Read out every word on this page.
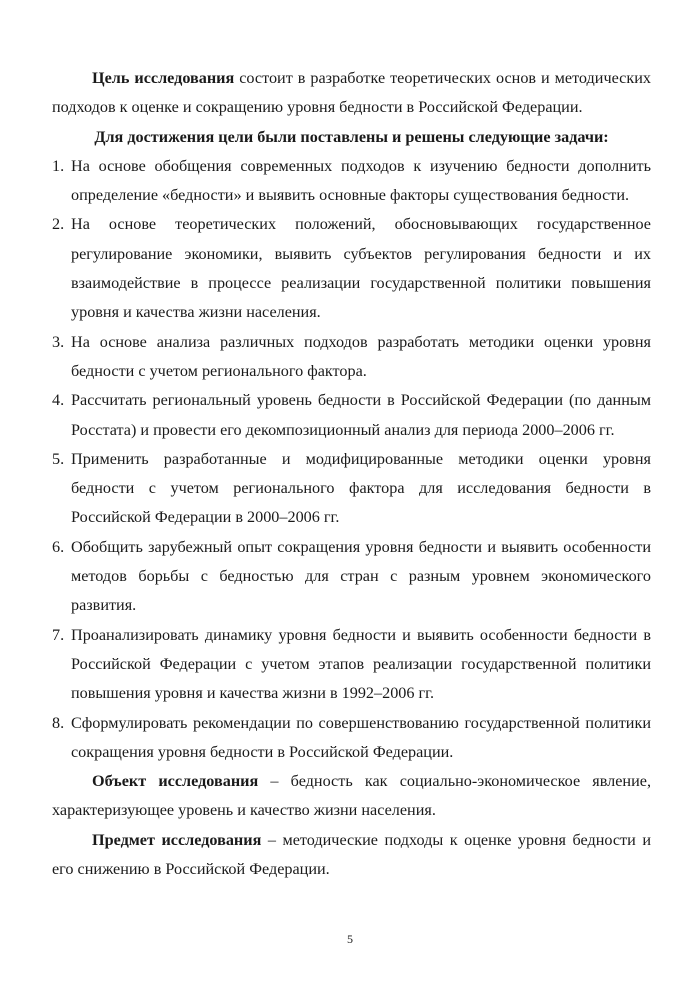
Цель исследования состоит в разработке теоретических основ и методических подходов к оценке и сокращению уровня бедности в Российской Федерации.

Для достижения цели были поставлены и решены следующие задачи:

1. На основе обобщения современных подходов к изучению бедности дополнить определение «бедности» и выявить основные факторы существования бедности.
2. На основе теоретических положений, обосновывающих государственное регулирование экономики, выявить субъектов регулирования бедности и их взаимодействие в процессе реализации государственной политики повышения уровня и качества жизни населения.
3. На основе анализа различных подходов разработать методики оценки уровня бедности с учетом регионального фактора.
4. Рассчитать региональный уровень бедности в Российской Федерации (по данным Росстата) и провести его декомпозиционный анализ для периода 2000–2006 гг.
5. Применить разработанные и модифицированные методики оценки уровня бедности с учетом регионального фактора для исследования бедности в Российской Федерации в 2000–2006 гг.
6. Обобщить зарубежный опыт сокращения уровня бедности и выявить особенности методов борьбы с бедностью для стран с разным уровнем экономического развития.
7. Проанализировать динамику уровня бедности и выявить особенности бедности в Российской Федерации с учетом этапов реализации государственной политики повышения уровня и качества жизни в 1992–2006 гг.
8. Сформулировать рекомендации по совершенствованию государственной политики сокращения уровня бедности в Российской Федерации.

Объект исследования – бедность как социально-экономическое явление, характеризующее уровень и качество жизни населения.

Предмет исследования – методические подходы к оценке уровня бедности и его снижению в Российской Федерации.

5
